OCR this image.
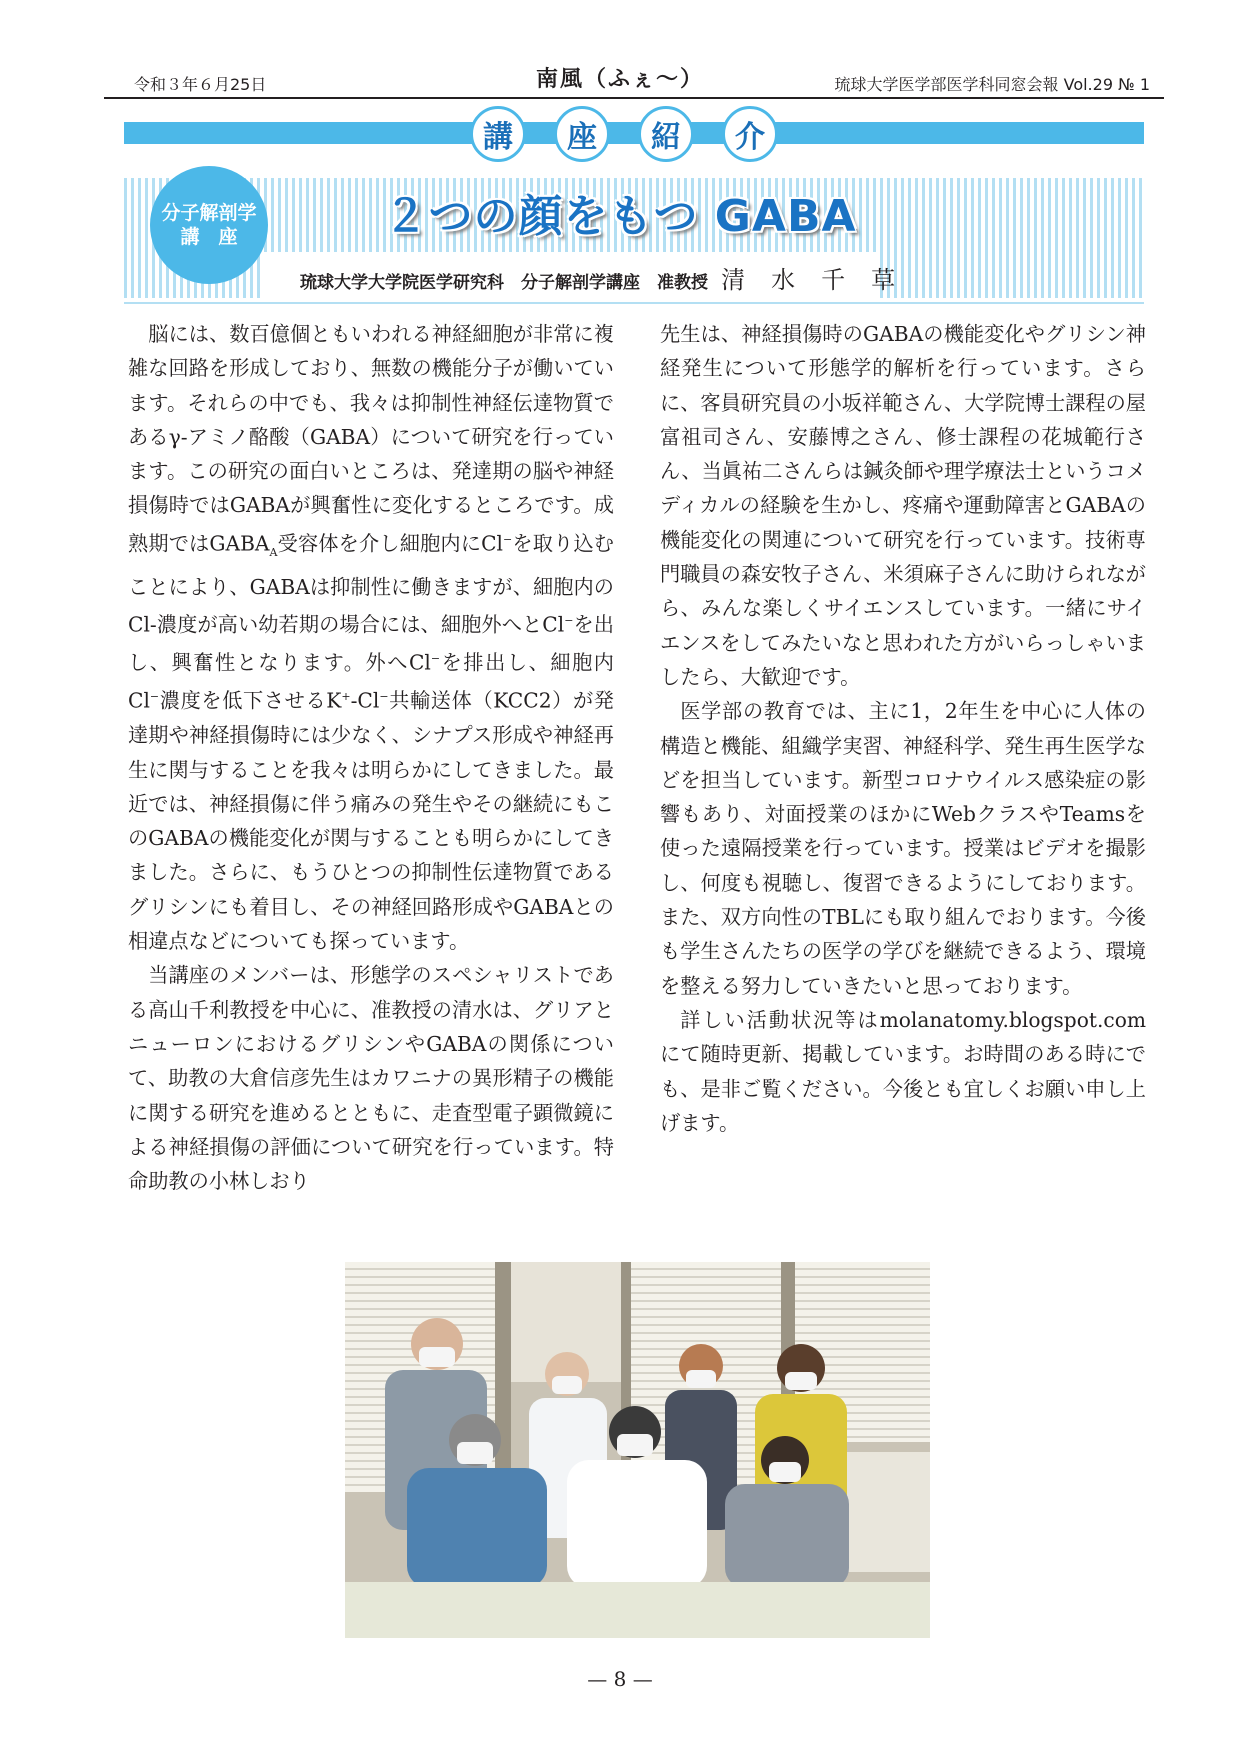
令和３年６月25日	南風（ふぇ〜）	琉球大学医学部医学科同窓会報 Vol.29 № 1
講	座	紹	介
分子解剖学
講　座	２つの顔をもつ GABA
琉球大学大学院医学研究科　分子解剖学講座　准教授 清水千草

脳には、数百億個ともいわれる神経細胞が非常に複雑な回路を形成しており、無数の機能分子が働いています。それらの中でも、我々は抑制性神経伝達物質であるγ-アミノ酪酸（GABA）について研究を行っています。この研究の面白いところは、発達期の脳や神経損傷時ではGABAが興奮性に変化するところです。成熟期では$GABA_A$受容体を介し細胞内にCl−を取り込むことにより、GABAは抑制性に働きますが、細胞内のCl-濃度が高い幼若期の場合には、細胞外へとCl−を出し、興奮性となります。外へCl−を排出し、細胞内Cl−濃度を低下させるK+-Cl−共輸送体（KCC2）が発達期や神経損傷時には少なく、シナプス形成や神経再生に関与することを我々は明らかにしてきました。最近では、神経損傷に伴う痛みの発生やその継続にもこのGABAの機能変化が関与することも明らかにしてきました。さらに、もうひとつの抑制性伝達物質であるグリシンにも着目し、その神経回路形成やGABAとの相違点などについても探っています。

当講座のメンバーは、形態学のスペシャリストである高山千利教授を中心に、准教授の清水は、グリアとニューロンにおけるグリシンやGABAの関係について、助教の大倉信彦先生はカワニナの異形精子の機能に関する研究を進めるとともに、走査型電子顕微鏡による神経損傷の評価について研究を行っています。特命助教の小林しおり

先生は、神経損傷時のGABAの機能変化やグリシン神経発生について形態学的解析を行っています。さらに、客員研究員の小坂祥範さん、大学院博士課程の屋富祖司さん、安藤博之さん、修士課程の花城範行さん、当眞祐二さんらは鍼灸師や理学療法士というコメディカルの経験を生かし、疼痛や運動障害とGABAの機能変化の関連について研究を行っています。技術専門職員の森安牧子さん、米須麻子さんに助けられながら、みんな楽しくサイエンスしています。一緒にサイエンスをしてみたいなと思われた方がいらっしゃいましたら、大歓迎です。

医学部の教育では、主に1，2年生を中心に人体の構造と機能、組織学実習、神経科学、発生再生医学などを担当しています。新型コロナウイルス感染症の影響もあり、対面授業のほかにWebクラスやTeamsを使った遠隔授業を行っています。授業はビデオを撮影し、何度も視聴し、復習できるようにしております。また、双方向性のTBLにも取り組んでおります。今後も学生さんたちの医学の学びを継続できるよう、環境を整える努力していきたいと思っております。

詳しい活動状況等はmolanatomy.blogspot.comにて随時更新、掲載しています。お時間のある時にでも、是非ご覧ください。今後とも宜しくお願い申し上げます。

— 8 —
